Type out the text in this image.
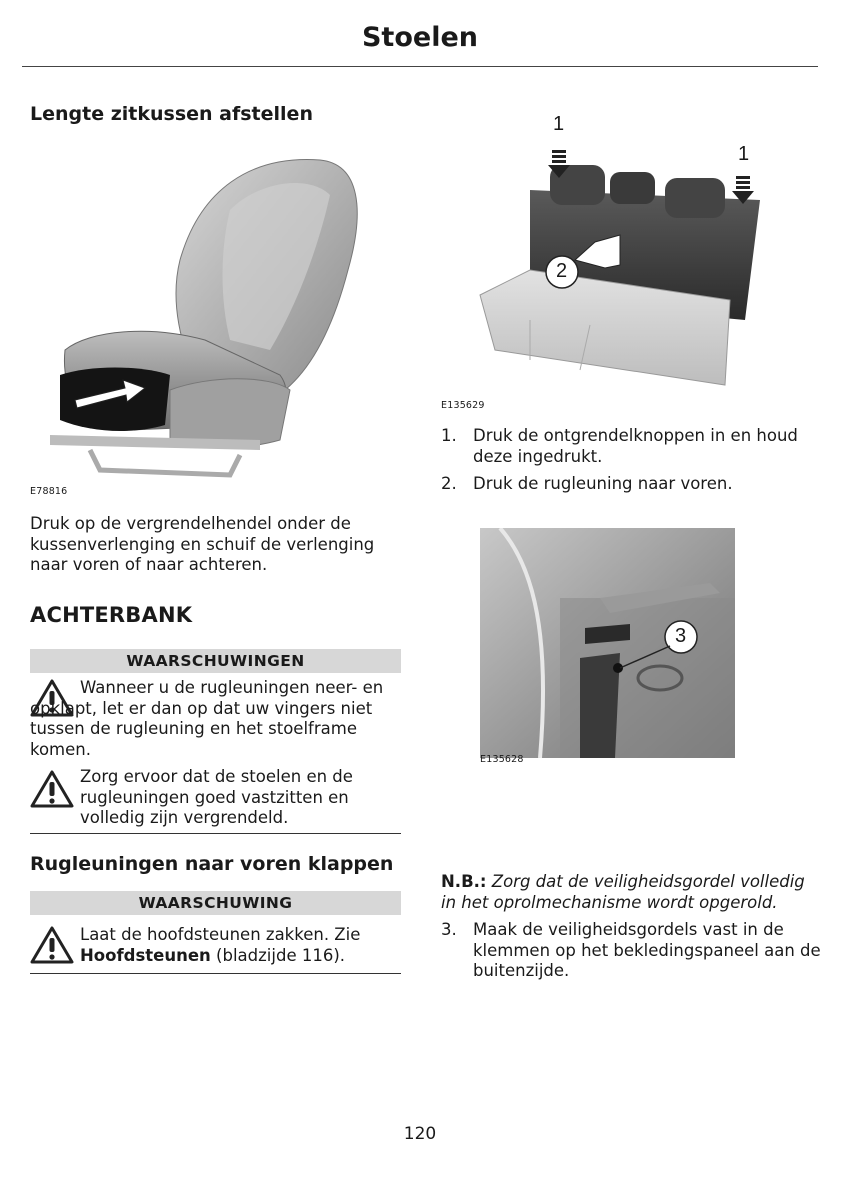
Stoelen
Lengte zitkussen afstellen
E78816
Druk op de vergrendelhendel onder de kussenverlenging en schuif de verlenging naar voren of naar achteren.
ACHTERBANK
WAARSCHUWINGEN
Wanneer u de rugleuningen neer- en opklapt, let er dan op dat uw vingers niet tussen de rugleuning en het stoelframe komen.
Zorg ervoor dat de stoelen en de rugleuningen goed vastzitten en volledig zijn vergrendeld.
Rugleuningen naar voren klappen
WAARSCHUWING
Laat de hoofdsteunen zakken. Zie Hoofdsteunen (bladzijde 116).
1
1
2
E135629
1. Druk de ontgrendelknoppen in en houd deze ingedrukt.
2. Druk de rugleuning naar voren.
3
E135628
N.B.: Zorg dat de veiligheidsgordel volledig in het oprolmechanisme wordt opgerold.
3. Maak de veiligheidsgordels vast in de klemmen op het bekledingspaneel aan de buitenzijde.
120
